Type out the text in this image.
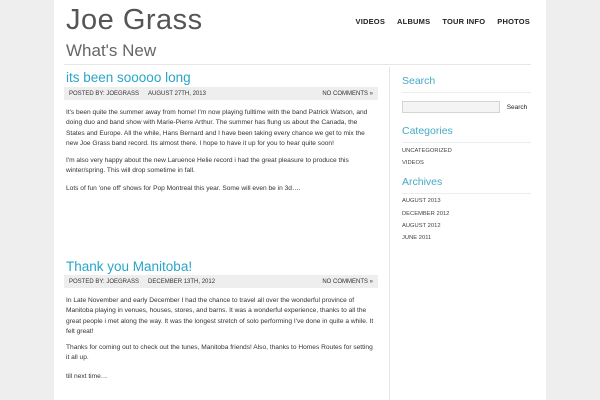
Joe Grass	VIDEOS	ALBUMS	TOUR INFO	PHOTOS
What's New
its been sooooo long
POSTED BY: JOEGRASS AUGUST 27TH, 2013	NO COMMENTS »

It's been quite the summer away from home! I'm now playing fulltime with the band Patrick Watson, and doing duo and band show with Marie-Pierre Arthur. The summer has flung us about the Canada, the States and Europe. All the while, Hans Bernard and I have been taking every chance we get to mix the new Joe Grass band record. Its almost there. I hope to have it up for you to hear quite soon!

I'm also very happy about the new Laruence Helie record i had the great pleasure to produce this winter/spring. This will drop sometime in fall.

Lots of fun 'one off' shows for Pop Montreal this year. Some will even be in 3d….

Thank you Manitoba!
POSTED BY: JOEGRASS DECEMBER 13TH, 2012	NO COMMENTS »

In Late November and early December I had the chance to travel all over the wonderful province of Manitoba playing in venues, houses, stores, and barns. It was a wonderful experience, thanks to all the great people i met along the way. It was the longest stretch of solo performing I've done in quite a while. It felt great!

Thanks for coming out to check out the tunes, Manitoba friends! Also, thanks to Homes Routes for setting it all up.

till next time…

Search
Search
Categories
UNCATEGORIZED
VIDEOS
Archives
AUGUST 2013
DECEMBER 2012
AUGUST 2012
JUNE 2011
